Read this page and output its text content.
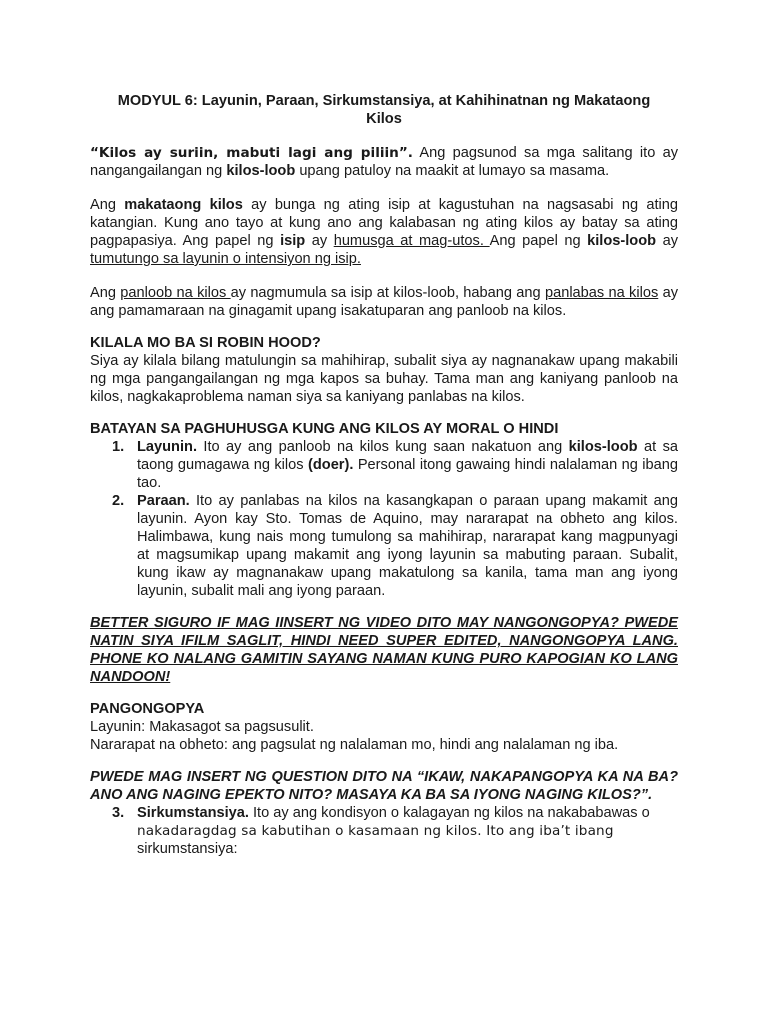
MODYUL 6: Layunin, Paraan, Sirkumstansiya, at Kahihinatnan ng Makataong
Kilos

“Kilos ay suriin, mabuti lagi ang piliin”. Ang pagsunod sa mga salitang ito ay nangangailangan ng kilos-loob upang patuloy na maakit at lumayo sa masama.

Ang makataong kilos ay bunga ng ating isip at kagustuhan na nagsasabi ng ating katangian. Kung ano tayo at kung ano ang kalabasan ng ating kilos ay batay sa ating pagpapasiya. Ang papel ng isip ay humusga at mag-utos. Ang papel ng kilos-loob ay tumutungo sa layunin o intensiyon ng isip.

Ang panloob na kilos ay nagmumula sa isip at kilos-loob, habang ang panlabas na kilos ay ang pamamaraan na ginagamit upang isakatuparan ang panloob na kilos.

KILALA MO BA SI ROBIN HOOD?

Siya ay kilala bilang matulungin sa mahihirap, subalit siya ay nagnanakaw upang makabili ng mga pangangailangan ng mga kapos sa buhay. Tama man ang kaniyang panloob na kilos, nagkakaproblema naman siya sa kaniyang panlabas na kilos.

BATAYAN SA PAGHUHUSGA KUNG ANG KILOS AY MORAL O HINDI

1. Layunin. Ito ay ang panloob na kilos kung saan nakatuon ang kilos-loob at sa taong gumagawa ng kilos (doer). Personal itong gawaing hindi nalalaman ng ibang tao.
2. Paraan. Ito ay panlabas na kilos na kasangkapan o paraan upang makamit ang layunin. Ayon kay Sto. Tomas de Aquino, may nararapat na obheto ang kilos. Halimbawa, kung nais mong tumulong sa mahihirap, nararapat kang magpunyagi at magsumikap upang makamit ang iyong layunin sa mabuting paraan. Subalit, kung ikaw ay magnanakaw upang makatulong sa kanila, tama man ang iyong layunin, subalit mali ang iyong paraan.

BETTER SIGURO IF MAG IINSERT NG VIDEO DITO MAY NANGONGOPYA? PWEDE NATIN SIYA IFILM SAGLIT, HINDI NEED SUPER EDITED, NANGONGOPYA LANG. PHONE KO NALANG GAMITIN SAYANG NAMAN KUNG PURO KAPOGIAN KO LANG NANDOON!

PANGONGOPYA

Layunin: Makasagot sa pagsusulit.

Nararapat na obheto: ang pagsulat ng nalalaman mo, hindi ang nalalaman ng iba.

PWEDE MAG INSERT NG QUESTION DITO NA “IKAW, NAKAPANGOPYA KA NA BA? ANO ANG NAGING EPEKTO NITO? MASAYA KA BA SA IYONG NAGING KILOS?”.

3. Sirkumstansiya. Ito ay ang kondisyon o kalagayan ng kilos na nakababawas o
nakadaragdag sa kabutihan o kasamaan ng kilos. Ito ang iba’t ibang
sirkumstansiya:
